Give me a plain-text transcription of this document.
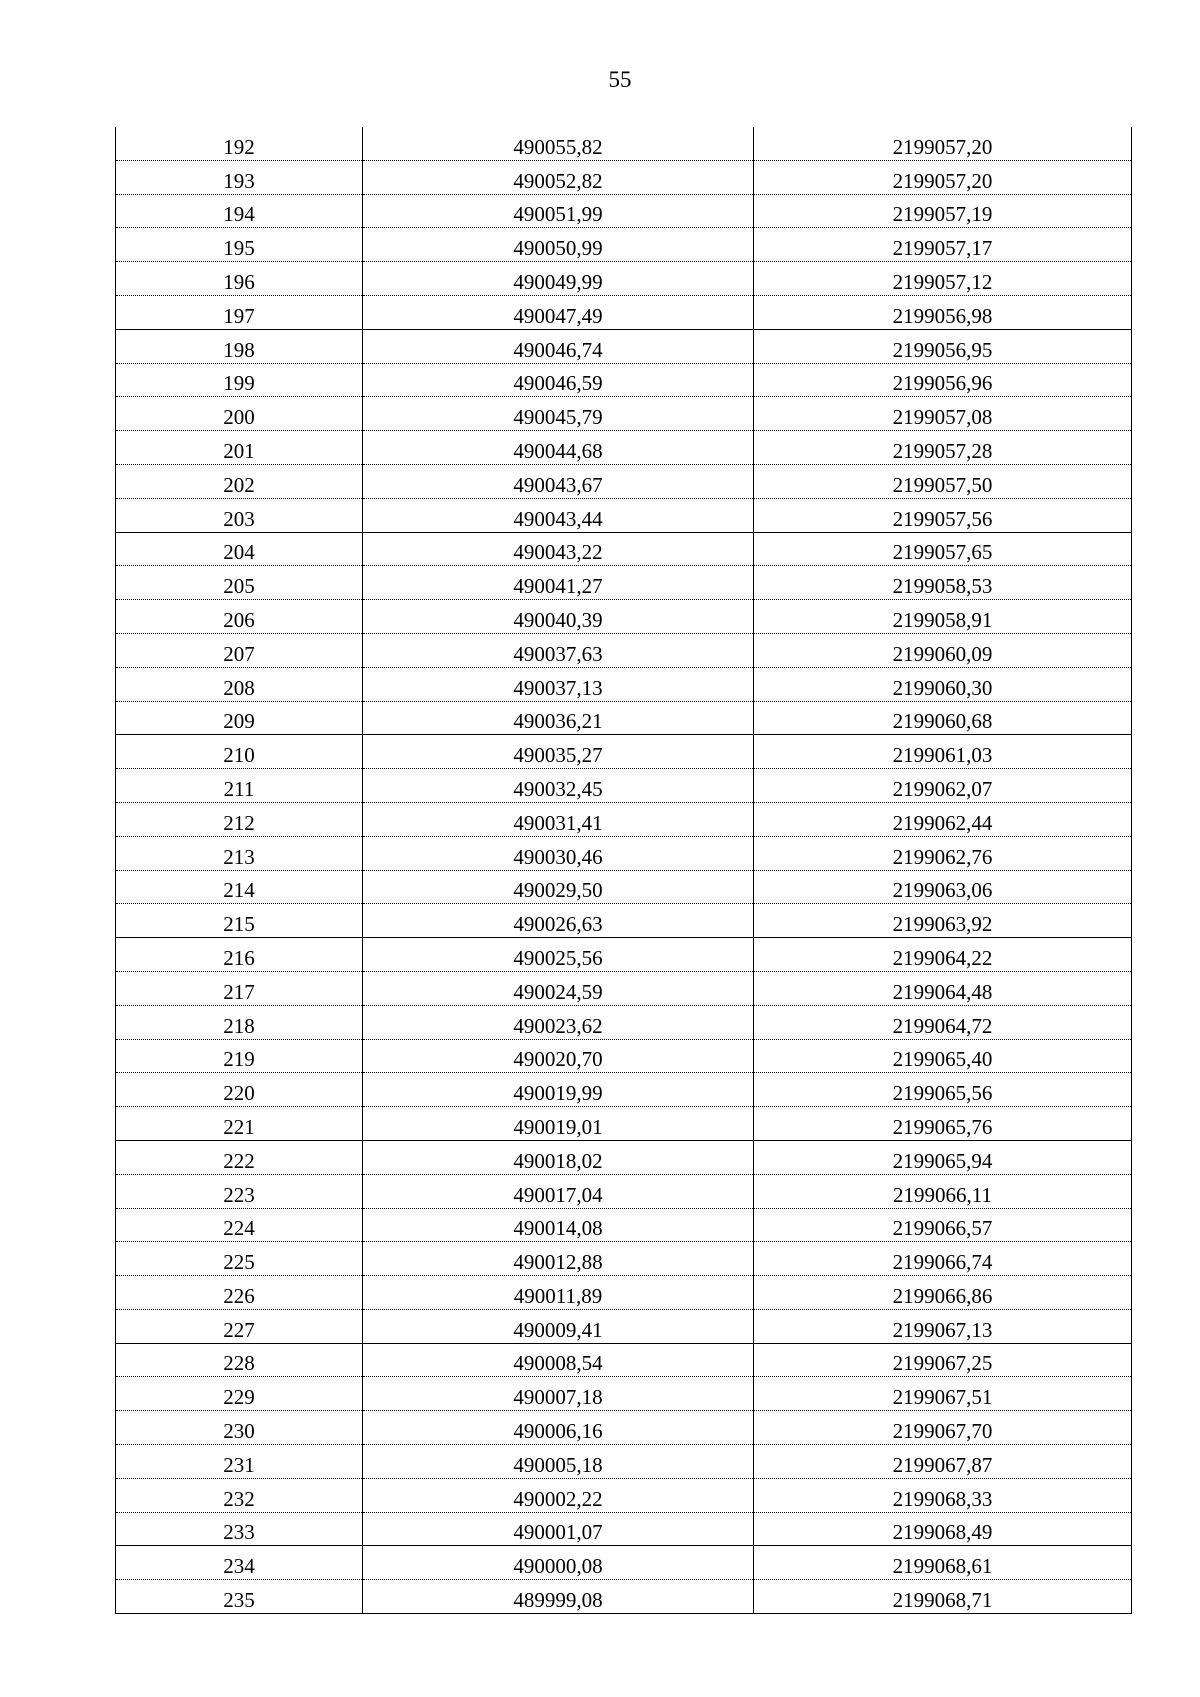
55
192	490055,82	2199057,20
193	490052,82	2199057,20
194	490051,99	2199057,19
195	490050,99	2199057,17
196	490049,99	2199057,12
197	490047,49	2199056,98
198	490046,74	2199056,95
199	490046,59	2199056,96
200	490045,79	2199057,08
201	490044,68	2199057,28
202	490043,67	2199057,50
203	490043,44	2199057,56
204	490043,22	2199057,65
205	490041,27	2199058,53
206	490040,39	2199058,91
207	490037,63	2199060,09
208	490037,13	2199060,30
209	490036,21	2199060,68
210	490035,27	2199061,03
211	490032,45	2199062,07
212	490031,41	2199062,44
213	490030,46	2199062,76
214	490029,50	2199063,06
215	490026,63	2199063,92
216	490025,56	2199064,22
217	490024,59	2199064,48
218	490023,62	2199064,72
219	490020,70	2199065,40
220	490019,99	2199065,56
221	490019,01	2199065,76
222	490018,02	2199065,94
223	490017,04	2199066,11
224	490014,08	2199066,57
225	490012,88	2199066,74
226	490011,89	2199066,86
227	490009,41	2199067,13
228	490008,54	2199067,25
229	490007,18	2199067,51
230	490006,16	2199067,70
231	490005,18	2199067,87
232	490002,22	2199068,33
233	490001,07	2199068,49
234	490000,08	2199068,61
235	489999,08	2199068,71
